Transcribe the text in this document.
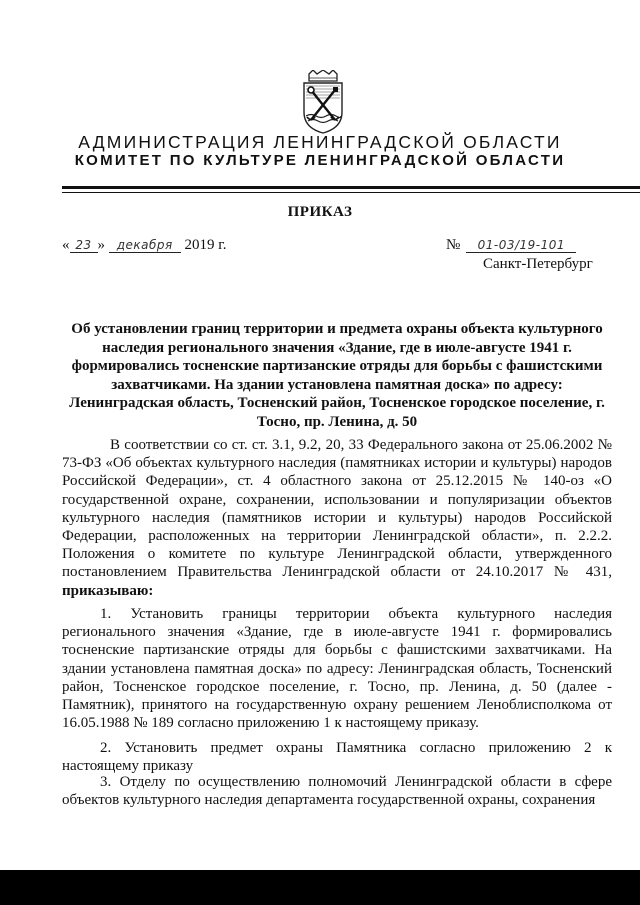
АДМИНИСТРАЦИЯ ЛЕНИНГРАДСКОЙ ОБЛАСТИ
КОМИТЕТ ПО КУЛЬТУРЕ ЛЕНИНГРАДСКОЙ ОБЛАСТИ
ПРИКАЗ
« 23 » декабря 2019 г.	№ 01-03/19-101
Санкт-Петербург
Об установлении границ территории и предмета охраны объекта культурного наследия регионального значения «Здание, где в июле-августе 1941 г. формировались тосненские партизанские отряды для борьбы с фашистскими захватчиками. На здании установлена памятная доска» по адресу: Ленинградская область, Тосненский район, Тосненское городское поселение, г. Тосно, пр. Ленина, д. 50
В соответствии со ст. ст. 3.1, 9.2, 20, 33 Федерального закона от 25.06.2002 № 73-ФЗ «Об объектах культурного наследия (памятниках истории и культуры) народов Российской Федерации», ст. 4 областного закона от 25.12.2015 № 140-оз «О государственной охране, сохранении, использовании и популяризации объектов культурного наследия (памятников истории и культуры) народов Российской Федерации, расположенных на территории Ленинградской области», п. 2.2.2. Положения о комитете по культуре Ленинградской области, утвержденного постановлением Правительства Ленинградской области от 24.10.2017 № 431, приказываю:
1. Установить границы территории объекта культурного наследия регионального значения «Здание, где в июле-августе 1941 г. формировались тосненские партизанские отряды для борьбы с фашистскими захватчиками. На здании установлена памятная доска» по адресу: Ленинградская область, Тосненский район, Тосненское городское поселение, г. Тосно, пр. Ленина, д. 50 (далее - Памятник), принятого на государственную охрану решением Леноблисполкома от 16.05.1988 № 189 согласно приложению 1 к настоящему приказу.
2. Установить предмет охраны Памятника согласно приложению 2 к настоящему приказу
3. Отделу по осуществлению полномочий Ленинградской области в сфере объектов культурного наследия департамента государственной охраны, сохранения
